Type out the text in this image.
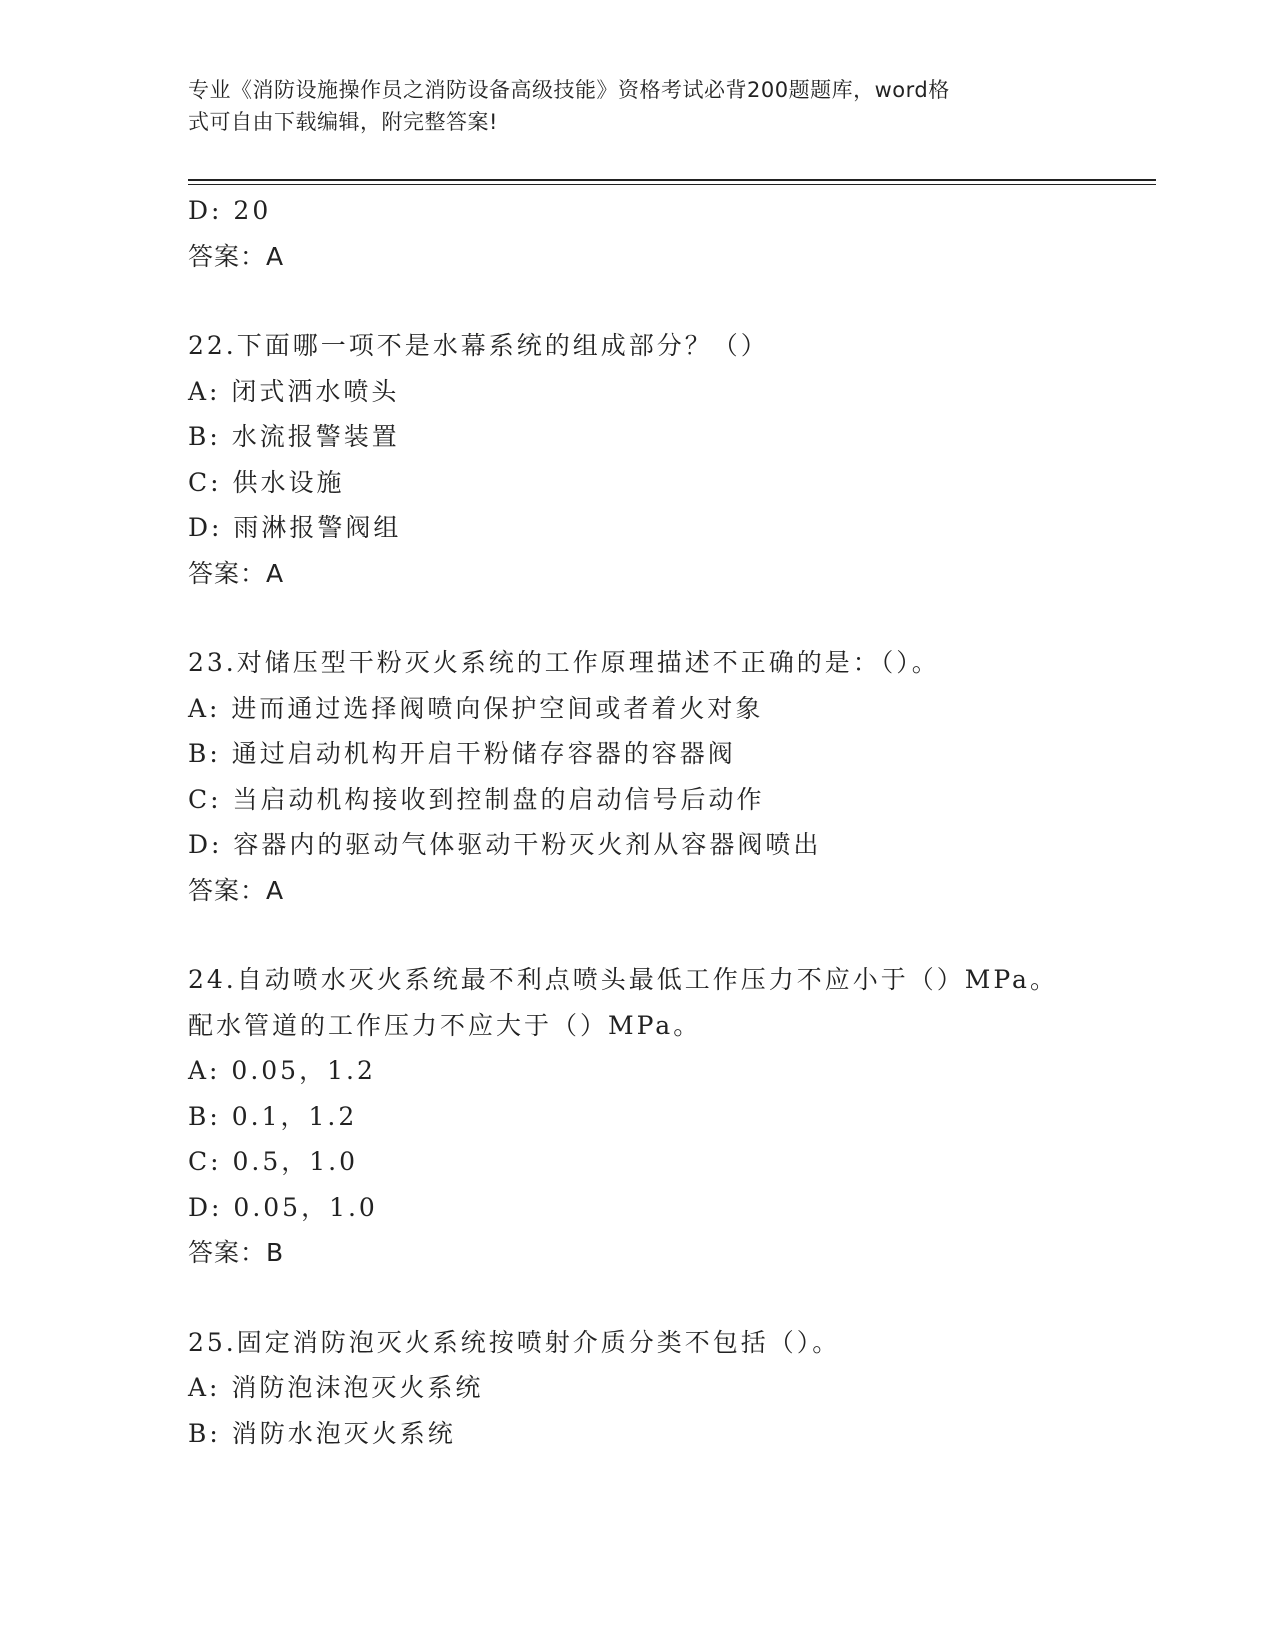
专业《消防设施操作员之消防设备高级技能》资格考试必背200题题库，word格
式可自由下载编辑，附完整答案!
D: 20
答案：A
22.下面哪一项不是水幕系统的组成部分？（）
A: 闭式洒水喷头
B: 水流报警装置
C: 供水设施
D: 雨淋报警阀组
答案：A
23.对储压型干粉灭火系统的工作原理描述不正确的是：（）。
A: 进而通过选择阀喷向保护空间或者着火对象
B: 通过启动机构开启干粉储存容器的容器阀
C: 当启动机构接收到控制盘的启动信号后动作
D: 容器内的驱动气体驱动干粉灭火剂从容器阀喷出
答案：A
24.自动喷水灭火系统最不利点喷头最低工作压力不应小于（）MPa。
配水管道的工作压力不应大于（）MPa。
A: 0.05，1.2
B: 0.1，1.2
C: 0.5，1.0
D: 0.05，1.0
答案：B
25.固定消防泡灭火系统按喷射介质分类不包括（）。
A: 消防泡沫泡灭火系统
B: 消防水泡灭火系统
